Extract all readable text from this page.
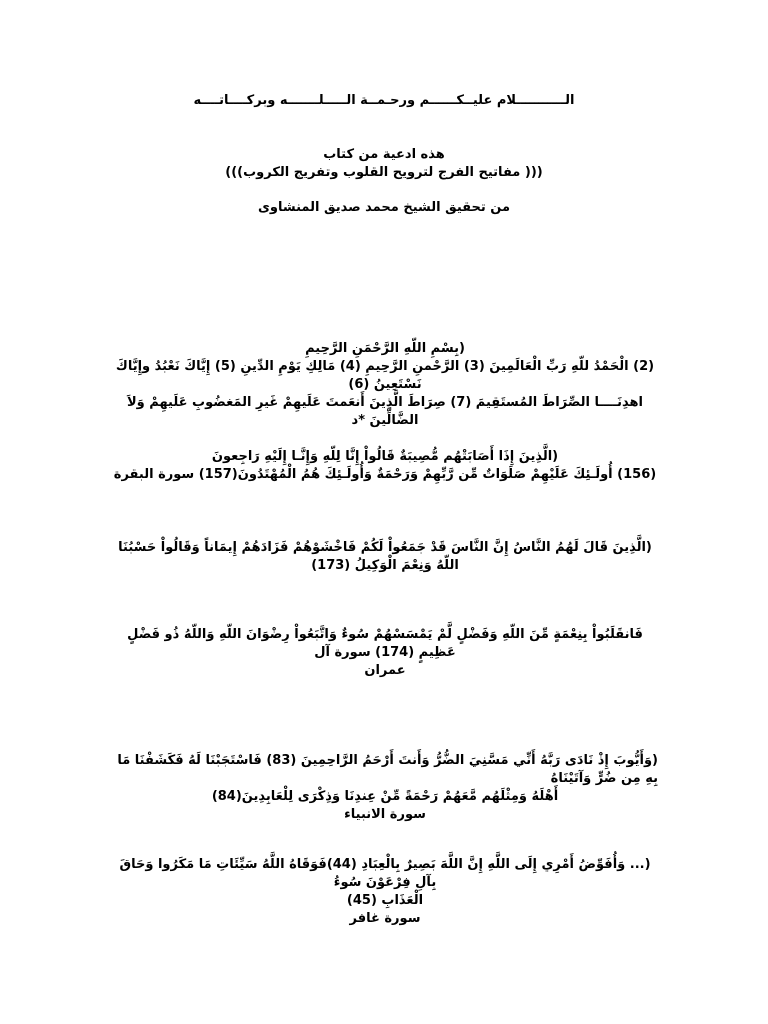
الـــــــــــلام عليــكــــــم ورحـمــة الـــــلـــــــه وبركــــاتــــه
هذه ادعية من كتاب
((( مفاتيح الفرج لترويح القلوب وتفريج الكروب)))
من تحقيق الشيخ محمد صديق المنشاوى

(بِسْمِ اللّهِ الرَّحْمَنِ الرَّحِيمِ

(2) الْحَمْدُ للّهِ رَبِّ الْعَالَمِينَ (3) الرَّحْمنِ الرَّحِيمِ (4) مَالِكِ يَوْمِ الدِّينِ (5) إِيَّاكَ نَعْبُدُ وإِيَّاكَ نَسْتَعِينُ (6)

اهدِنَــــا الصِّرَاطَ المُستَقِيمَ (7) صِرَاطَ الَّذِينَ أَنعَمتَ عَلَيهِمْ غَيرِ المَغضُوبِ عَلَيهِمْ وَلاَ الضَّالِّينَ *د

(الَّذِينَ إِذَا أَصَابَتْهُم مُّصِيبَةٌ قَالُواْ إِنَّا لِلّهِ وَإِنَّـا إِلَيْهِ رَاجِعونَ

(156) أُولَـئِكَ عَلَيْهِمْ صَلَوَاتٌ مِّن رَّبِّهِمْ وَرَحْمَةٌ وَأُولَـئِكَ هُمُ الْمُهْتَدُونَ(157) سورة البقرة

(الَّذِينَ قَالَ لَهُمُ النَّاسُ إِنَّ النَّاسَ قَدْ جَمَعُواْ لَكُمْ فَاخْشَوْهُمْ فَزَادَهُمْ إِيمَاناً وَقَالُواْ حَسْبُنَا اللّهُ وَنِعْمَ الْوَكِيلُ (173)

فَانقَلَبُواْ بِنِعْمَةٍ مِّنَ اللّهِ وَفَضْلٍ لَّمْ يَمْسَسْهُمْ سُوءٌ وَاتَّبَعُواْ رِضْوَانَ اللّهِ وَاللّهُ ذُو فَضْلٍ عَظِيمٍ (174) سورة آل

عمران

(وَأَيُّوبَ إِذْ نَادَى رَبَّهُ أَنِّي مَسَّنِيَ الضُّرُّ وَأَنتَ أَرْحَمُ الرَّاحِمِينَ (83) فَاسْتَجَبْنَا لَهُ فَكَشَفْنَا مَا بِهِ مِن ضُرٍّ وَآتَيْنَاهُ

أَهْلَهُ وَمِثْلَهُم مَّعَهُمْ رَحْمَةً مِّنْ عِندِنَا وَذِكْرَى لِلْعَابِدِينَ(84)

سورة الانبياء

(... وَأُفَوِّضُ أَمْرِي إِلَى اللَّهِ إِنَّ اللَّهَ بَصِيرٌ بِالْعِبَادِ (44)فَوَقَاهُ اللَّهُ سَيِّئَاتِ مَا مَكَرُوا وَحَاقَ بِآلِ فِرْعَوْنَ سُوءُ

الْعَذَابِ (45)

سورة غافر
